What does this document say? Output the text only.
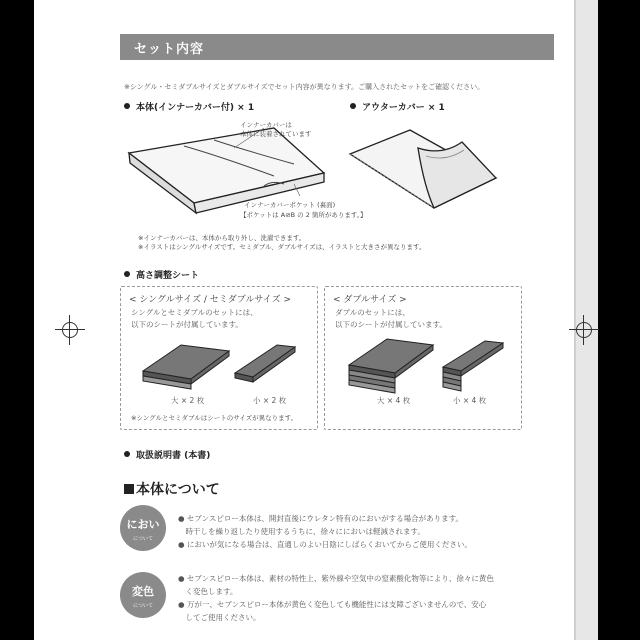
セット内容
※シングル・セミダブルサイズとダブルサイズでセット内容が異なります。ご購入されたセットをご確認ください。
本体(インナーカバー付) × 1	アウターカバー × 1
インナーカバーは
本体に装着されています
インナーカバーポケット (裏面)
【ポケットは A⊘B の 2 箇所があります。】
※インナーカバーは、本体から取り外し、洗濯できます。
※イラストはシングルサイズです。セミダブル、ダブルサイズは、イラストと大きさが異なります。
高さ調整シート
< シングルサイズ / セミダブルサイズ >
シングルとセミダブルのセットには、
以下のシートが付属しています。
大 × 2 枚	小 × 2 枚
※シングルとセミダブルはシートのサイズが異なります。
< ダブルサイズ >
ダブルのセットには、
以下のシートが付属しています。
大 × 4 枚	小 × 4 枚
取扱説明書 (本書)
本体について
におい
について
● セブンスピロー本体は、開封直後にウレタン特有のにおいがする場合があります。
　時干しを繰り返したり使用するうちに、徐々ににおいは軽減されます。
● においが気になる場合は、直通しのよい日陰にしばらくおいてからご使用ください。
変色
について
● セブンスピロー本体は、素材の特性上、紫外線や空気中の窒素酸化物等により、徐々に黄色
　く変色します。
● 万が一、セブンスピロー本体が黄色く変色しても機能性には支障ございませんので、安心
　してご使用ください。
